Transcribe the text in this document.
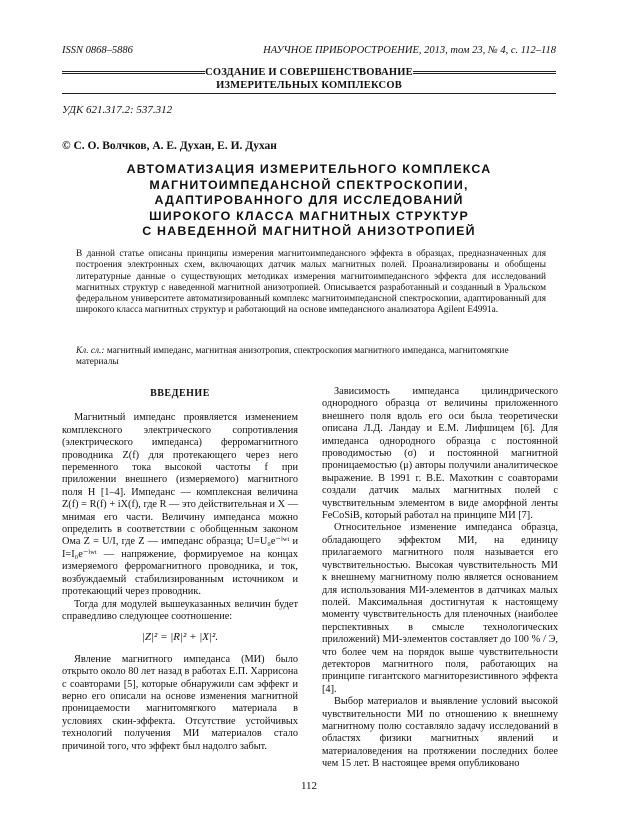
ISSN 0868–5886	НАУЧНОЕ ПРИБОРОСТРОЕНИЕ, 2013, том 23, № 4, с. 112–118
СОЗДАНИЕ И СОВЕРШЕНСТВОВАНИЕ
ИЗМЕРИТЕЛЬНЫХ КОМПЛЕКСОВ
УДК 621.317.2: 537.312
© С. О. Волчков, А. Е. Духан, Е. И. Духан
АВТОМАТИЗАЦИЯ ИЗМЕРИТЕЛЬНОГО КОМПЛЕКСА
МАГНИТОИМПЕДАНСНОЙ СПЕКТРОСКОПИИ,
АДАПТИРОВАННОГО ДЛЯ ИССЛЕДОВАНИЙ
ШИРОКОГО КЛАССА МАГНИТНЫХ СТРУКТУР
С НАВЕДЕННОЙ МАГНИТНОЙ АНИЗОТРОПИЕЙ

В данной статье описаны принципы измерения магнитоимпедансного эффекта в образцах, предназначенных для построения электронных схем, включающих датчик малых магнитных полей. Проанализированы и обобщены литературные данные о существующих методиках измерения магнитоимпедансного эффекта для исследований магнитных структур с наведенной магнитной анизотропией. Описывается разработанный и созданный в Уральском федеральном университете автоматизированный комплекс магнитоимпедансной спектроскопии, адаптированный для широкого класса магнитных структур и работающий на основе импедансного анализатора Agilent E4991a.

Кл. сл.: магнитный импеданс, магнитная анизотропия, спектроскопия магнитного импеданса, магнитомягкие материалы
ВВЕДЕНИЕ

Магнитный импеданс проявляется изменением комплексного электрического сопротивления (электрического импеданса) ферромагнитного проводника Z(f) для протекающего через него переменного тока высокой частоты f при приложении внешнего (измеряемого) магнитного поля H [1–4]. Импеданс — комплексная величина Z(f) = R(f) + iX(f), где R — это действительная и X — мнимая его части. Величину импеданса можно определить в соответствии с обобщенным законом Ома Z = U/I, где Z — импеданс образца; U=U₀e⁻ⁱʷᵗ и I=I₀e⁻ⁱʷᵗ — напряжение, формируемое на концах измеряемого ферромагнитного проводника, и ток, возбуждаемый стабилизированным источником и протекающий через проводник.

Тогда для модулей вышеуказанных величин будет справедливо следующее соотношение:

|Z|² = |R|² + |X|².

Явление магнитного импеданса (МИ) было открыто около 80 лет назад в работах Е.П. Харрисона с соавторами [5], которые обнаружили сам эффект и верно его описали на основе изменения магнитной проницаемости магнитомягкого материала в условиях скин-эффекта. Отсутствие устойчивых технологий получения МИ материалов стало причиной того, что эффект был надолго забыт.

Зависимость импеданса цилиндрического однородного образца от величины приложенного внешнего поля вдоль его оси была теоретически описана Л.Д. Ландау и Е.М. Лифшицем [6]. Для импеданса однородного образца с постоянной проводимостью (σ) и постоянной магнитной проницаемостью (μ) авторы получили аналитическое выражение. В 1991 г. В.Е. Махоткин с соавторами создали датчик малых магнитных полей с чувствительным элементом в виде аморфной ленты FeCoSiB, который работал на принципе МИ [7].

Относительное изменение импеданса образца, обладающего эффектом МИ, на единицу прилагаемого магнитного поля называется его чувствительностью. Высокая чувствительность МИ к внешнему магнитному полю является основанием для использования МИ-элементов в датчиках малых полей. Максимальная достигнутая к настоящему моменту чувствительность для пленочных (наиболее перспективных в смысле технологических приложений) МИ-элементов составляет до 100 % / Э, что более чем на порядок выше чувствительности детекторов магнитного поля, работающих на принципе гигантского магниторезистивного эффекта [4].

Выбор материалов и выявление условий высокой чувствительности МИ по отношению к внешнему магнитному полю составляло задачу исследований в областях физики магнитных явлений и материаловедения на протяжении последних более чем 15 лет. В настоящее время опубликовано

112
